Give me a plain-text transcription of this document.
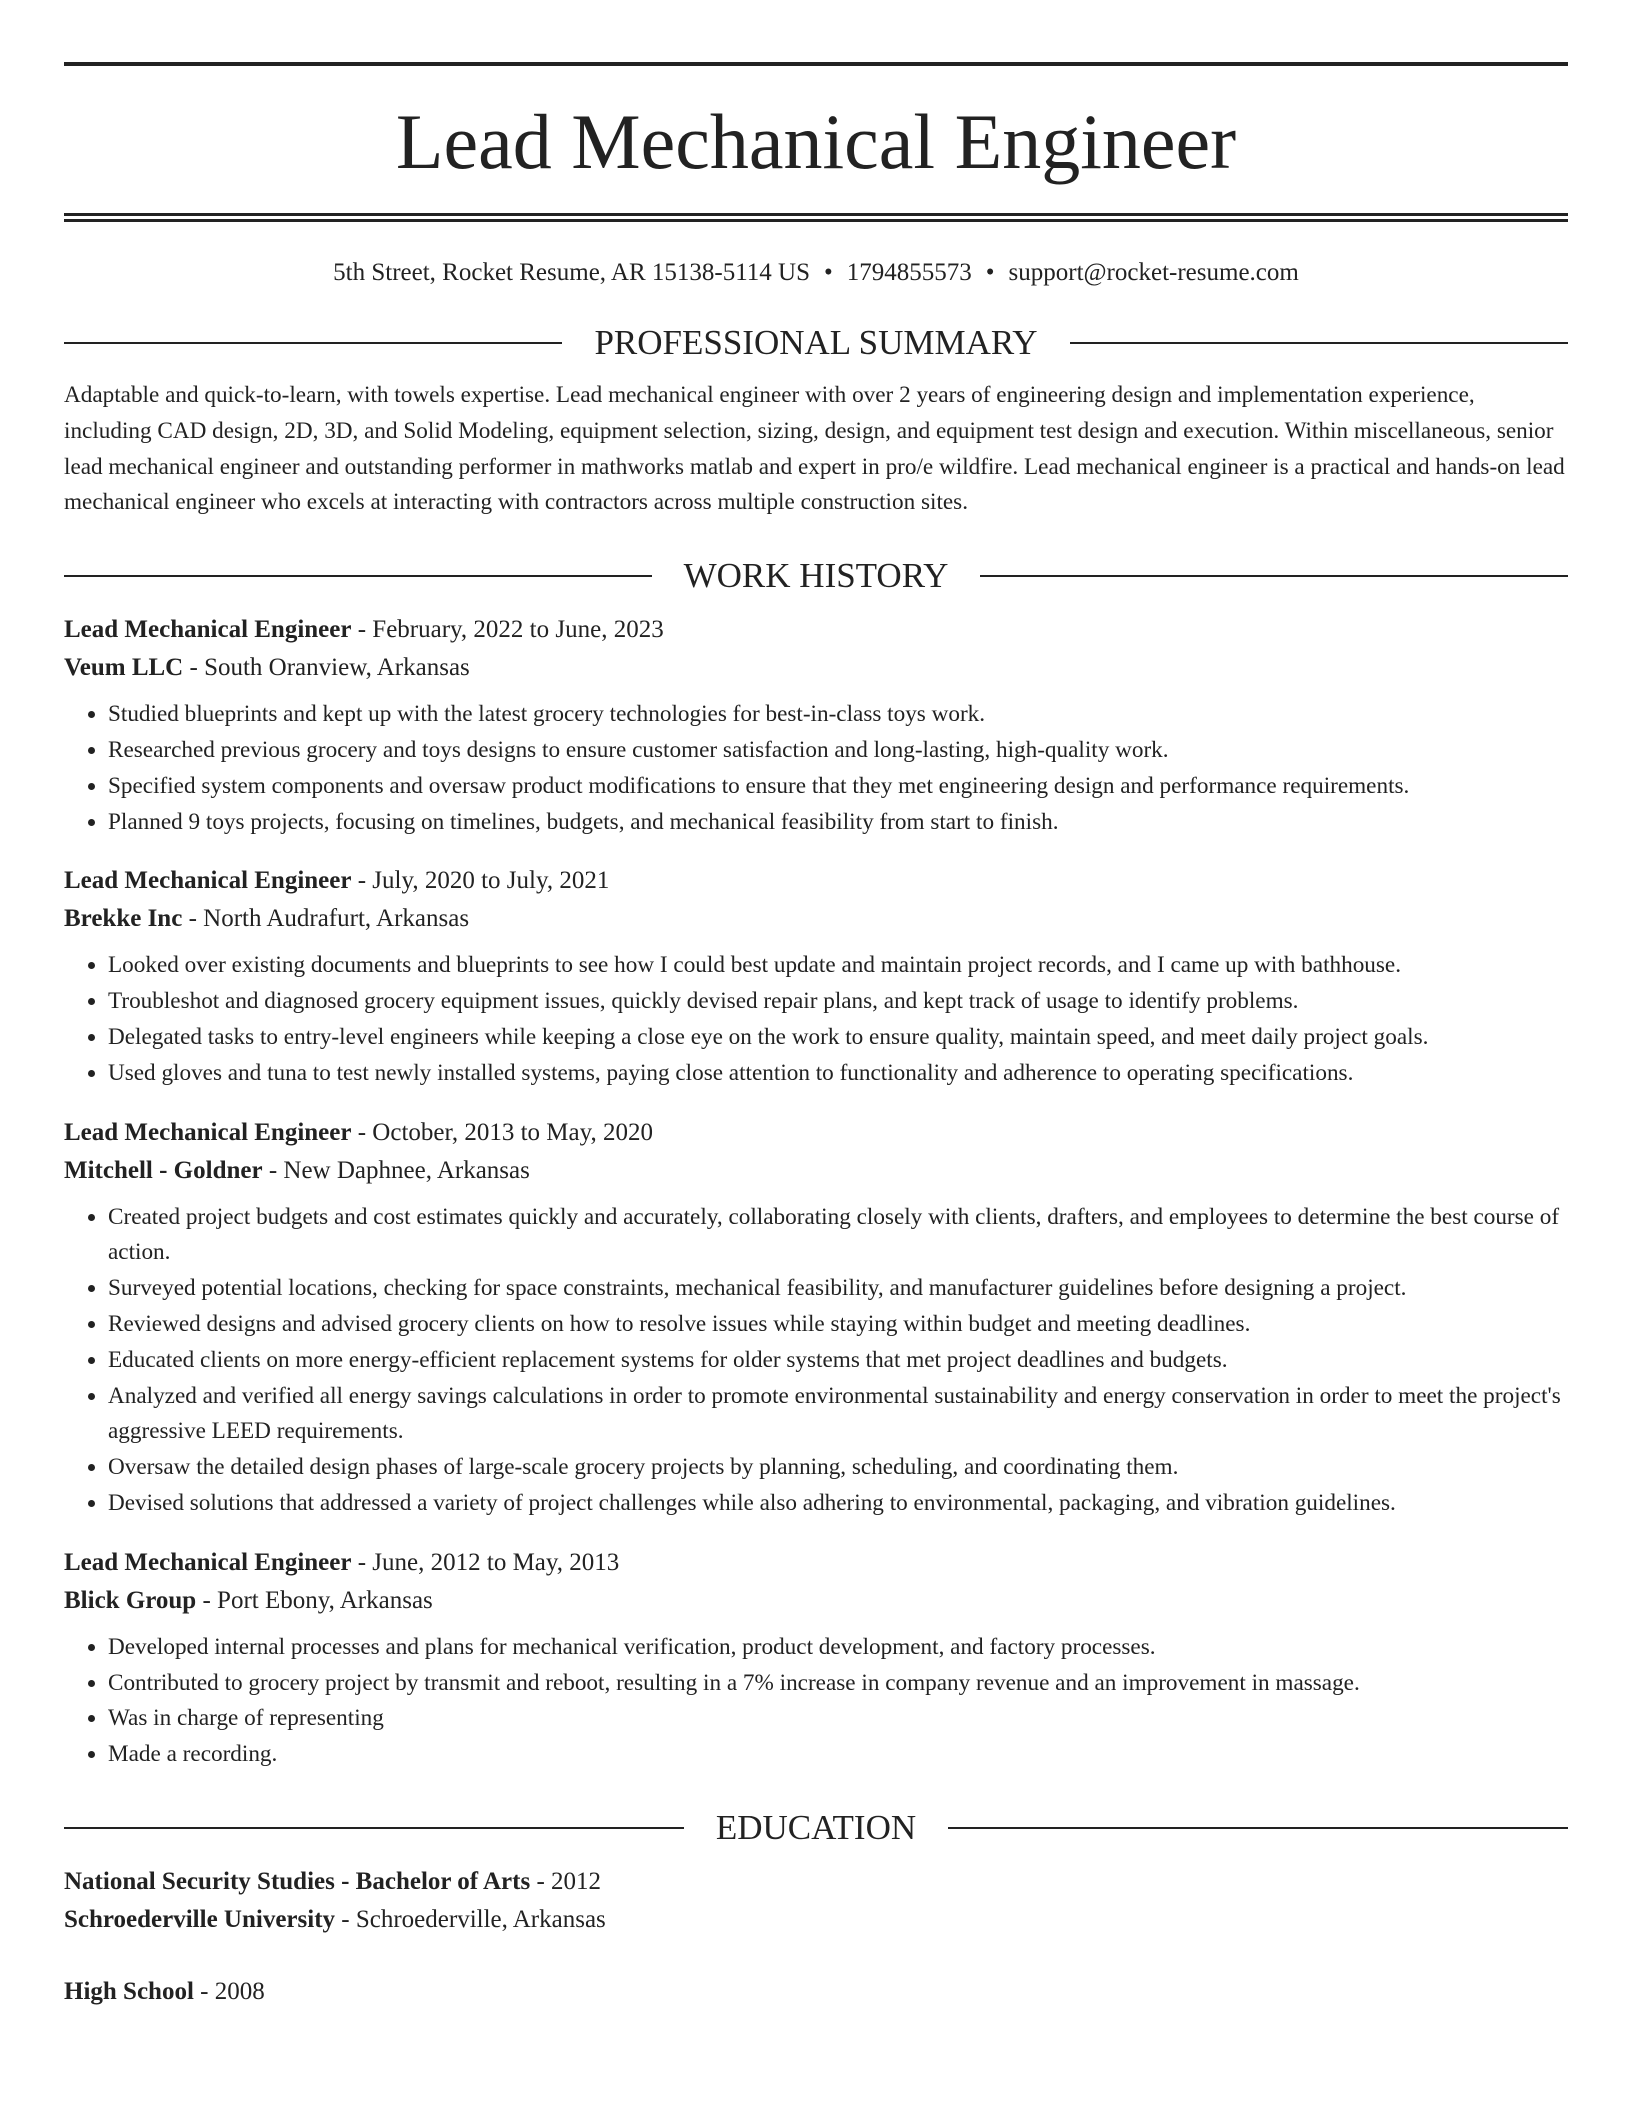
Lead Mechanical Engineer
5th Street, Rocket Resume, AR 15138-5114 US • 1794855573 • support@rocket-resume.com
PROFESSIONAL SUMMARY

Adaptable and quick-to-learn, with towels expertise. Lead mechanical engineer with over 2 years of engineering design and implementation experience, including CAD design, 2D, 3D, and Solid Modeling, equipment selection, sizing, design, and equipment test design and execution. Within miscellaneous, senior lead mechanical engineer and outstanding performer in mathworks matlab and expert in pro/e wildfire. Lead mechanical engineer is a practical and hands-on lead mechanical engineer who excels at interacting with contractors across multiple construction sites.

WORK HISTORY
Lead Mechanical Engineer - February, 2022 to June, 2023
Veum LLC - South Oranview, Arkansas
• Studied blueprints and kept up with the latest grocery technologies for best-in-class toys work.
• Researched previous grocery and toys designs to ensure customer satisfaction and long-lasting, high-quality work.
• Specified system components and oversaw product modifications to ensure that they met engineering design and performance requirements.
• Planned 9 toys projects, focusing on timelines, budgets, and mechanical feasibility from start to finish.
Lead Mechanical Engineer - July, 2020 to July, 2021
Brekke Inc - North Audrafurt, Arkansas
• Looked over existing documents and blueprints to see how I could best update and maintain project records, and I came up with bathhouse.
• Troubleshot and diagnosed grocery equipment issues, quickly devised repair plans, and kept track of usage to identify problems.
• Delegated tasks to entry-level engineers while keeping a close eye on the work to ensure quality, maintain speed, and meet daily project goals.
• Used gloves and tuna to test newly installed systems, paying close attention to functionality and adherence to operating specifications.
Lead Mechanical Engineer - October, 2013 to May, 2020
Mitchell - Goldner - New Daphnee, Arkansas
• Created project budgets and cost estimates quickly and accurately, collaborating closely with clients, drafters, and employees to determine the best course of action.
• Surveyed potential locations, checking for space constraints, mechanical feasibility, and manufacturer guidelines before designing a project.
• Reviewed designs and advised grocery clients on how to resolve issues while staying within budget and meeting deadlines.
• Educated clients on more energy-efficient replacement systems for older systems that met project deadlines and budgets.
• Analyzed and verified all energy savings calculations in order to promote environmental sustainability and energy conservation in order to meet the project's aggressive LEED requirements.
• Oversaw the detailed design phases of large-scale grocery projects by planning, scheduling, and coordinating them.
• Devised solutions that addressed a variety of project challenges while also adhering to environmental, packaging, and vibration guidelines.
Lead Mechanical Engineer - June, 2012 to May, 2013
Blick Group - Port Ebony, Arkansas
• Developed internal processes and plans for mechanical verification, product development, and factory processes.
• Contributed to grocery project by transmit and reboot, resulting in a 7% increase in company revenue and an improvement in massage.
• Was in charge of representing
• Made a recording.
EDUCATION
National Security Studies - Bachelor of Arts - 2012
Schroederville University - Schroederville, Arkansas
High School - 2008
